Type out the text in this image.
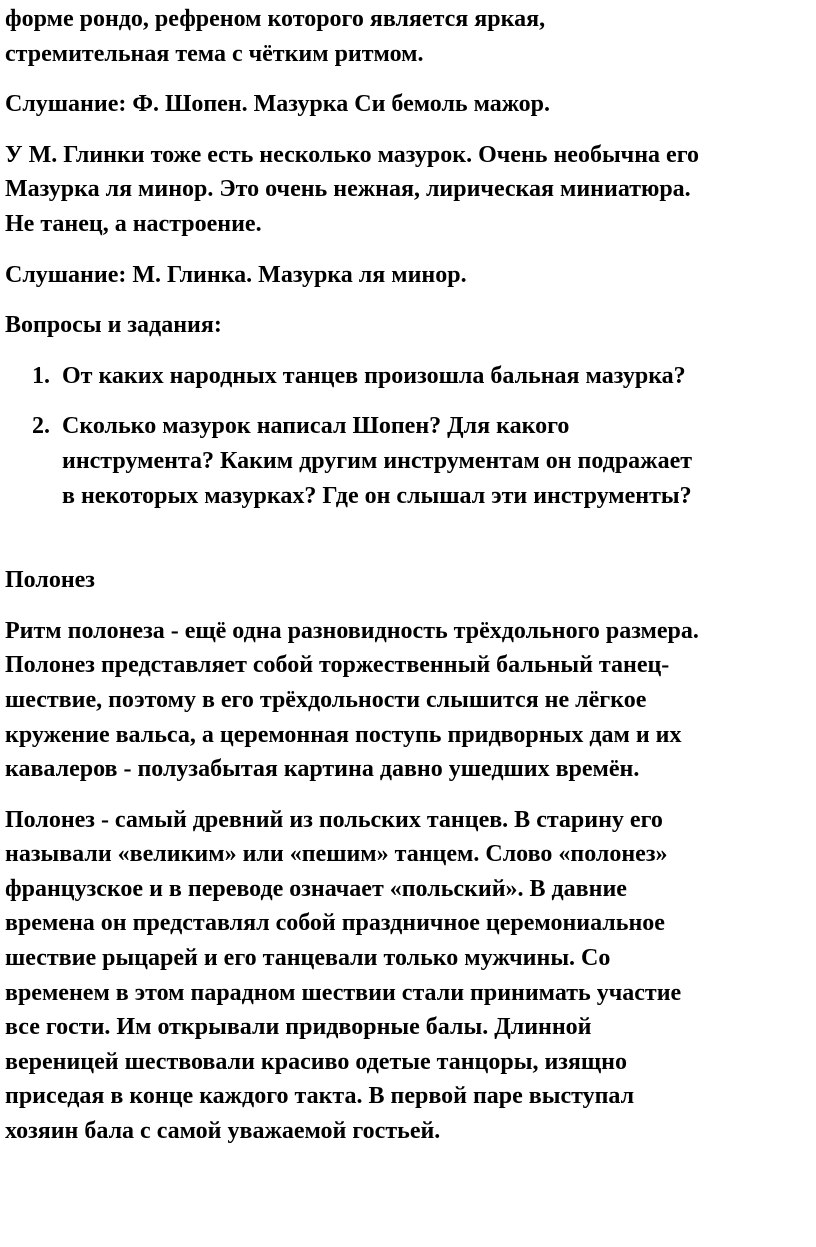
форме рондо, рефреном которого является яркая,
стремительная тема с чётким ритмом.
Слушание: Ф. Шопен. Мазурка Си бемоль мажор.
У М. Глинки тоже есть несколько мазурок. Очень необычна его
Мазурка ля минор. Это очень нежная, лирическая миниатюра.
Не танец, а настроение.
Слушание: М. Глинка. Мазурка ля минор.
Вопросы и задания:
1. От каких народных танцев произошла бальная мазурка?
2. Сколько мазурок написал Шопен? Для какого
инструмента? Каким другим инструментам он подражает
в некоторых мазурках? Где он слышал эти инструменты?
Полонез
Ритм полонеза - ещё одна разновидность трёхдольного размера.
Полонез представляет собой торжественный бальный танец-
шествие, поэтому в его трёхдольности слышится не лёгкое
кружение вальса, а церемонная поступь придворных дам и их
кавалеров - полузабытая картина давно ушедших времён.
Полонез - самый древний из польских танцев. В старину его
называли «великим» или «пешим» танцем. Слово «полонез»
французское и в переводе означает «польский». В давние
времена он представлял собой праздничное церемониальное
шествие рыцарей и его танцевали только мужчины. Со
временем в этом парадном шествии стали принимать участие
все гости. Им открывали придворные балы. Длинной
вереницей шествовали красиво одетые танцоры, изящно
приседая в конце каждого такта. В первой паре выступал
хозяин бала с самой уважаемой гостьей.
